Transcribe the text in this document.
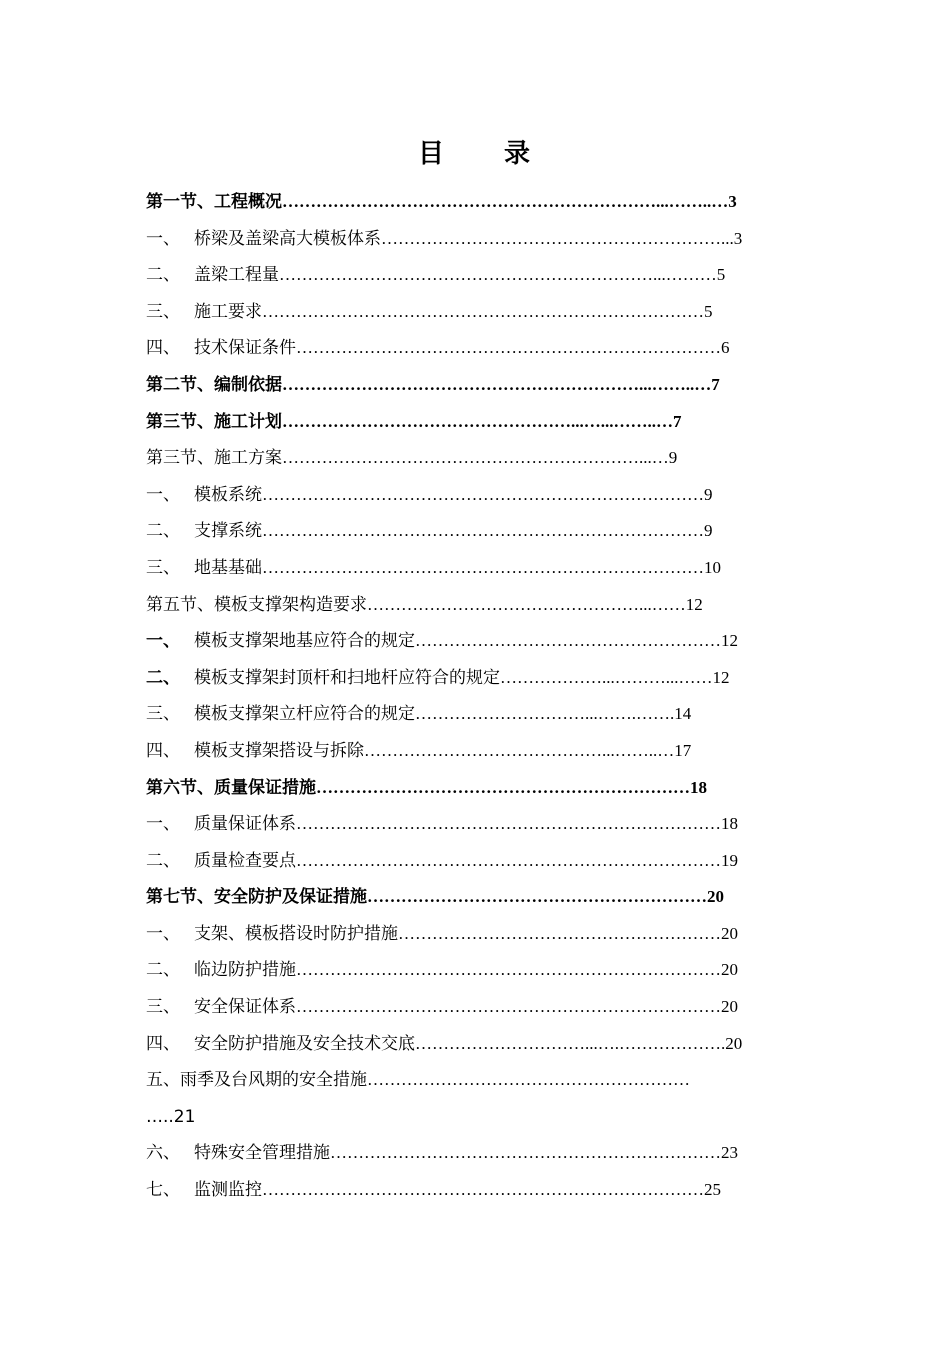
目 录
第一节、工程概况…………………………………………………………...……..…3
一、 桥梁及盖梁高大模板体系……………………………………………………...3
二、 盖梁工程量…………………………………………………………...………5
三、 施工要求……………………………………………………………………5
四、 技术保证条件…………………………………………………………………6
第二节、编制依据………………………………………………………...……..…7
第三节、施工计划……………………………………………...…...……..…7
第三节、施工方案………………………………………………………...…9
一、 模板系统……………………………………………………………………9
二、 支撑系统……………………………………………………………………9
三、 地基基础……………………………………………………………………10
第五节、模板支撑架构造要求…………………………………………...……12
一、 模板支撑架地基应符合的规定………………………………………………12
二、 模板支撑架封顶杆和扫地杆应符合的规定………………...………...……12
三、 模板支撑架立杆应符合的规定…………………………...…….…….14
四、 模板支撑架搭设与拆除……………………………………...……..…17
第六节、质量保证措施…………………………………………………………18
一、 质量保证体系…………………………………………………………………18
二、 质量检查要点…………………………………………………………………19
第七节、安全防护及保证措施……………………………………………………20
一、 支架、模板搭设时防护措施…………………………………………………20
二、 临边防护措施…………………………………………………………………20
三、 安全保证体系…………………………………………………………………20
四、 安全防护措施及安全技术交底…………………………...….……………….20
五、雨季及台风期的安全措施…………………………………………………
…..21
六、 特殊安全管理措施……………………………………………………………23
七、 监测监控……………………………………………………………………25
